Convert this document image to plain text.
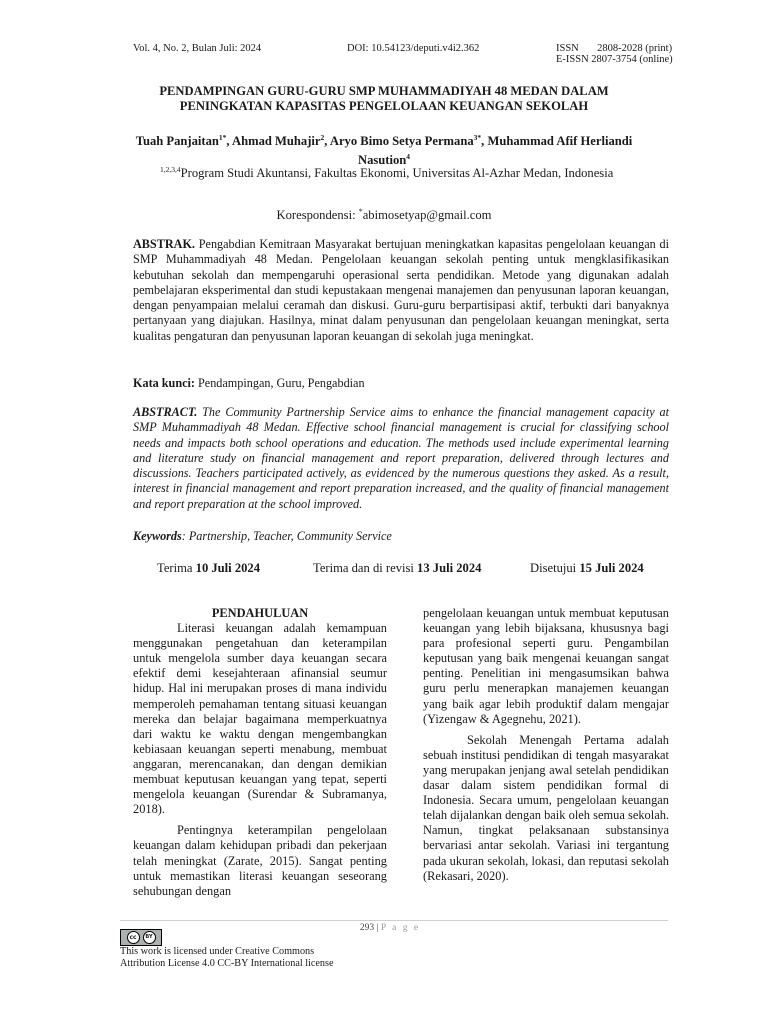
Vol. 4, No. 2, Bulan Juli: 2024	DOI: 10.54123/deputi.v4i2.362	ISSN 2808-2028 (print)
E-ISSN 2807-3754 (online)
PENDAMPINGAN GURU-GURU SMP MUHAMMADIYAH 48 MEDAN DALAM
PENINGKATAN KAPASITAS PENGELOLAAN KEUANGAN SEKOLAH
Tuah Panjaitan$^{1*}$, Ahmad Muhajir$^2$, Aryo Bimo Setya Permana$^{3*}$, Muhammad Afif Herliandi Nasution$^4$
$^{1,2,3,4}$Program Studi Akuntansi, Fakultas Ekonomi, Universitas Al-Azhar Medan, Indonesia
Korespondensi: *abimosetyap@gmail.com
ABSTRAK. Pengabdian Kemitraan Masyarakat bertujuan meningkatkan kapasitas pengelolaan keuangan di SMP Muhammadiyah 48 Medan. Pengelolaan keuangan sekolah penting untuk mengklasifikasikan kebutuhan sekolah dan mempengaruhi operasional serta pendidikan. Metode yang digunakan adalah pembelajaran eksperimental dan studi kepustakaan mengenai manajemen dan penyusunan laporan keuangan, dengan penyampaian melalui ceramah dan diskusi. Guru-guru berpartisipasi aktif, terbukti dari banyaknya pertanyaan yang diajukan. Hasilnya, minat dalam penyusunan dan pengelolaan keuangan meningkat, serta kualitas pengaturan dan penyusunan laporan keuangan di sekolah juga meningkat.
Kata kunci: Pendampingan, Guru, Pengabdian
ABSTRACT. The Community Partnership Service aims to enhance the financial management capacity at SMP Muhammadiyah 48 Medan. Effective school financial management is crucial for classifying school needs and impacts both school operations and education. The methods used include experimental learning and literature study on financial management and report preparation, delivered through lectures and discussions. Teachers participated actively, as evidenced by the numerous questions they asked. As a result, interest in financial management and report preparation increased, and the quality of financial management and report preparation at the school improved.
Keywords: Partnership, Teacher, Community Service
Terima 10 Juli 2024	Terima dan di revisi 13 Juli 2024	Disetujui 15 Juli 2024

PENDAHULUAN

Literasi keuangan adalah kemampuan menggunakan pengetahuan dan keterampilan untuk mengelola sumber daya keuangan secara efektif demi kesejahteraan afinansial seumur hidup. Hal ini merupakan proses di mana individu memperoleh pemahaman tentang situasi keuangan mereka dan belajar bagaimana memperkuatnya dari waktu ke waktu dengan mengembangkan kebiasaan keuangan seperti menabung, membuat anggaran, merencanakan, dan dengan demikian membuat keputusan keuangan yang tepat, seperti mengelola keuangan (Surendar & Subramanya, 2018).

Pentingnya keterampilan pengelolaan keuangan dalam kehidupan pribadi dan pekerjaan telah meningkat (Zarate, 2015). Sangat penting untuk memastikan literasi keuangan seseorang sehubungan dengan

pengelolaan keuangan untuk membuat keputusan keuangan yang lebih bijaksana, khususnya bagi para profesional seperti guru. Pengambilan keputusan yang baik mengenai keuangan sangat penting. Penelitian ini mengasumsikan bahwa guru perlu menerapkan manajemen keuangan yang baik agar lebih produktif dalam mengajar (Yizengaw & Agegnehu, 2021).

Sekolah Menengah Pertama adalah sebuah institusi pendidikan di tengah masyarakat yang merupakan jenjang awal setelah pendidikan dasar dalam sistem pendidikan formal di Indonesia. Secara umum, pengelolaan keuangan telah dijalankan dengan baik oleh semua sekolah. Namun, tingkat pelaksanaan substansinya bervariasi antar sekolah. Variasi ini tergantung pada ukuran sekolah, lokasi, dan reputasi sekolah (Rekasari, 2020).

293 | P a g e
cc	BY
This work is licensed under Creative Commons
Attribution License 4.0 CC-BY International license
